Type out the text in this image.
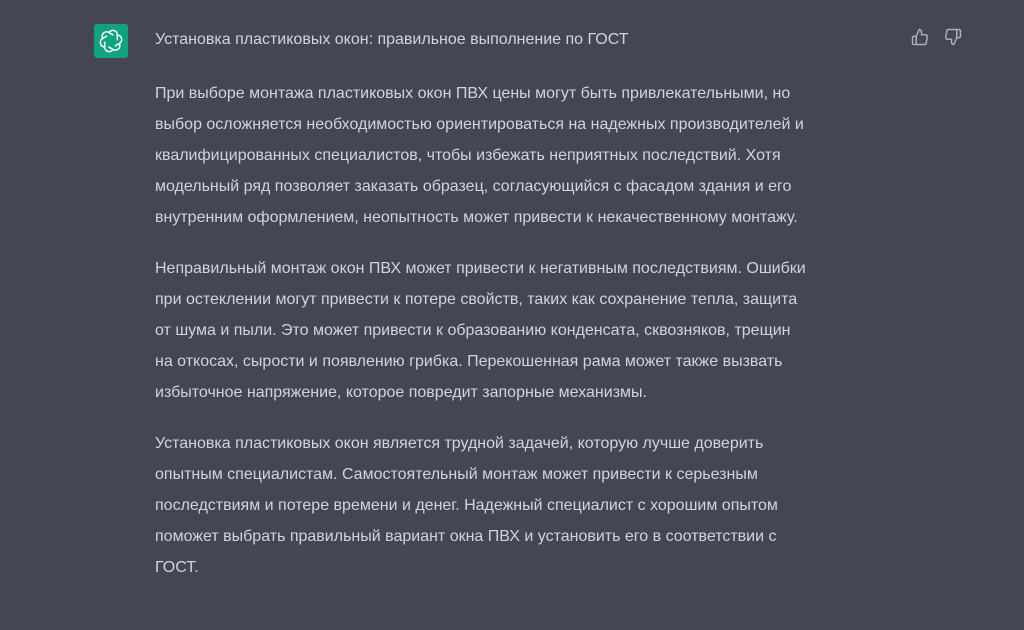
Установка пластиковых окон: правильное выполнение по ГОСТ

При выборе монтажа пластиковых окон ПВХ цены могут быть привлекательными, но
выбор осложняется необходимостью ориентироваться на надежных производителей и
квалифицированных специалистов, чтобы избежать неприятных последствий. Хотя
модельный ряд позволяет заказать образец, согласующийся с фасадом здания и его
внутренним оформлением, неопытность может привести к некачественному монтажу.

Неправильный монтаж окон ПВХ может привести к негативным последствиям. Ошибки
при остеклении могут привести к потере свойств, таких как сохранение тепла, защита
от шума и пыли. Это может привести к образованию конденсата, сквозняков, трещин
на откосах, сырости и появлению грибка. Перекошенная рама может также вызвать
избыточное напряжение, которое повредит запорные механизмы.

Установка пластиковых окон является трудной задачей, которую лучше доверить
опытным специалистам. Самостоятельный монтаж может привести к серьезным
последствиям и потере времени и денег. Надежный специалист с хорошим опытом
поможет выбрать правильный вариант окна ПВХ и установить его в соответствии с
ГОСТ.
